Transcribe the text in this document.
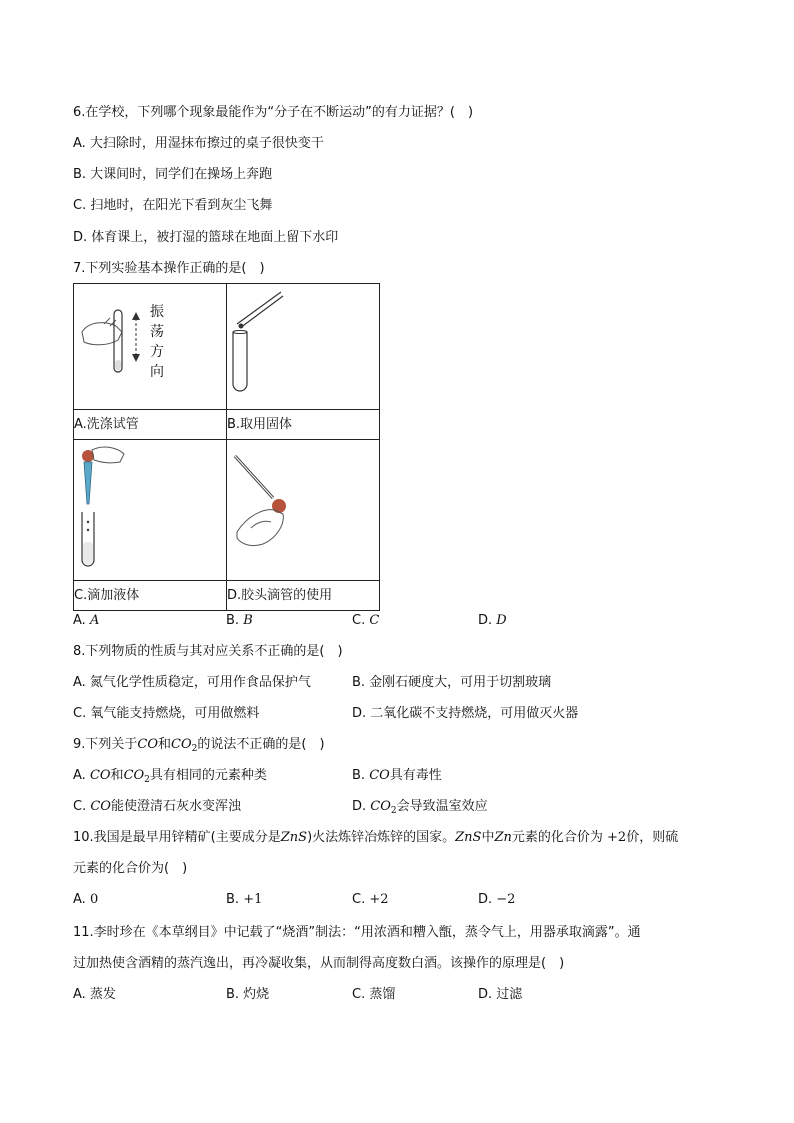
6.在学校，下列哪个现象最能作为“分子在不断运动”的有力证据？(　)
A. 大扫除时，用湿抹布擦过的桌子很快变干
B. 大课间时，同学们在操场上奔跑
C. 扫地时，在阳光下看到灰尘飞舞
D. 体育课上，被打湿的篮球在地面上留下水印
7.下列实验基本操作正确的是(　)
振
荡
方
向

A.洗涤试管	B.取用固体

C.滴加液体	D.胶头滴管的使用
A. A	B. B	C. C	D. D
8.下列物质的性质与其对应关系不正确的是(　)
A. 氮气化学性质稳定，可用作食品保护气	B. 金刚石硬度大，可用于切割玻璃
C. 氧气能支持燃烧，可用做燃料	D. 二氧化碳不支持燃烧，可用做灭火器
9.下列关于CO和$CO_2$的说法不正确的是(　)
A. CO和$CO_2$具有相同的元素种类	B. CO具有毒性
C. CO能使澄清石灰水变浑浊	D. $CO_2$会导致温室效应
10.我国是最早用锌精矿(主要成分是ZnS)火法炼锌冶炼锌的国家。ZnS中Zn元素的化合价为 +2价，则硫
元素的化合价为(　)
A. 0	B. +1	C. +2	D. −2
11.李时珍在《本草纲目》中记载了“烧酒”制法：“用浓酒和糟入甑，蒸令气上，用器承取滴露”。通
过加热使含酒精的蒸汽逸出，再冷凝收集，从而制得高度数白酒。该操作的原理是(　)
A. 蒸发	B. 灼烧	C. 蒸馏	D. 过滤
